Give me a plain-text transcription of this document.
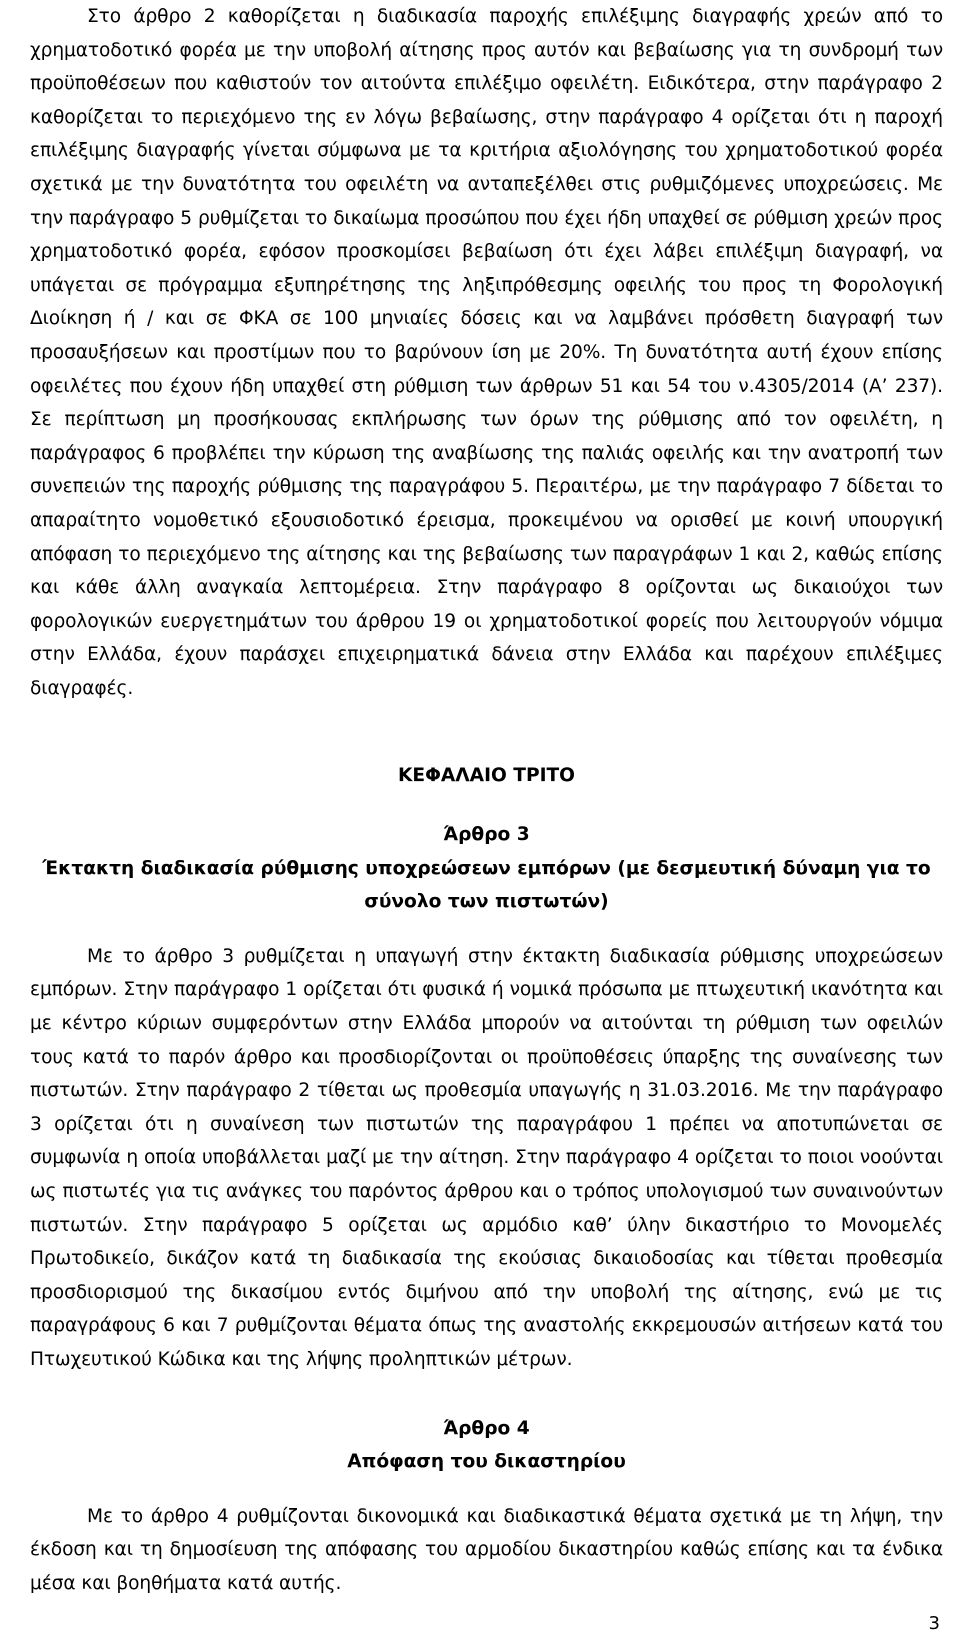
Στο άρθρο 2 καθορίζεται η διαδικασία παροχής επιλέξιμης διαγραφής χρεών από το χρηματοδοτικό φορέα με την υποβολή αίτησης προς αυτόν και βεβαίωσης για τη συνδρομή των προϋποθέσεων που καθιστούν τον αιτούντα επιλέξιμο οφειλέτη. Ειδικότερα, στην παράγραφο 2 καθορίζεται το περιεχόμενο της εν λόγω βεβαίωσης, στην παράγραφο 4 ορίζεται ότι η παροχή επιλέξιμης διαγραφής γίνεται σύμφωνα με τα κριτήρια αξιολόγησης του χρηματοδοτικού φορέα σχετικά με την δυνατότητα του οφειλέτη να ανταπεξέλθει στις ρυθμιζόμενες υποχρεώσεις. Με την παράγραφο 5 ρυθμίζεται το δικαίωμα προσώπου που έχει ήδη υπαχθεί σε ρύθμιση χρεών προς χρηματοδοτικό φορέα, εφόσον προσκομίσει βεβαίωση ότι έχει λάβει επιλέξιμη διαγραφή, να υπάγεται σε πρόγραμμα εξυπηρέτησης της ληξιπρόθεσμης οφειλής του προς τη Φορολογική Διοίκηση ή / και σε ΦΚΑ σε 100 μηνιαίες δόσεις και να λαμβάνει πρόσθετη διαγραφή των προσαυξήσεων και προστίμων που το βαρύνουν ίση με 20%. Τη δυνατότητα αυτή έχουν επίσης οφειλέτες που έχουν ήδη υπαχθεί στη ρύθμιση των άρθρων 51 και 54 του ν.4305/2014 (Α’ 237). Σε περίπτωση μη προσήκουσας εκπλήρωσης των όρων της ρύθμισης από τον οφειλέτη, η παράγραφος 6 προβλέπει την κύρωση της αναβίωσης της παλιάς οφειλής και την ανατροπή των συνεπειών της παροχής ρύθμισης της παραγράφου 5. Περαιτέρω, με την παράγραφο 7 δίδεται το απαραίτητο νομοθετικό εξουσιοδοτικό έρεισμα, προκειμένου να ορισθεί με κοινή υπουργική απόφαση το περιεχόμενο της αίτησης και της βεβαίωσης των παραγράφων 1 και 2, καθώς επίσης και κάθε άλλη αναγκαία λεπτομέρεια. Στην παράγραφο 8 ορίζονται ως δικαιούχοι των φορολογικών ευεργετημάτων του άρθρου 19 οι χρηματοδοτικοί φορείς που λειτουργούν νόμιμα στην Ελλάδα, έχουν παράσχει επιχειρηματικά δάνεια στην Ελλάδα και παρέχουν επιλέξιμες διαγραφές.

ΚΕΦΑΛΑΙΟ ΤΡΙΤΟ

Άρθρο 3

Έκτακτη διαδικασία ρύθμισης υποχρεώσεων εμπόρων (με δεσμευτική δύναμη για το σύνολο των πιστωτών)

Με το άρθρο 3 ρυθμίζεται η υπαγωγή στην έκτακτη διαδικασία ρύθμισης υποχρεώσεων εμπόρων. Στην παράγραφο 1 ορίζεται ότι φυσικά ή νομικά πρόσωπα με πτωχευτική ικανότητα και με κέντρο κύριων συμφερόντων στην Ελλάδα μπορούν να αιτούνται τη ρύθμιση των οφειλών τους κατά το παρόν άρθρο και προσδιορίζονται οι προϋποθέσεις ύπαρξης της συναίνεσης των πιστωτών. Στην παράγραφο 2 τίθεται ως προθεσμία υπαγωγής η 31.03.2016. Με την παράγραφο 3 ορίζεται ότι η συναίνεση των πιστωτών της παραγράφου 1 πρέπει να αποτυπώνεται σε συμφωνία η οποία υποβάλλεται μαζί με την αίτηση. Στην παράγραφο 4 ορίζεται το ποιοι νοούνται ως πιστωτές για τις ανάγκες του παρόντος άρθρου και ο τρόπος υπολογισμού των συναινούντων πιστωτών. Στην παράγραφο 5 ορίζεται ως αρμόδιο καθ’ ύλην δικαστήριο το Μονομελές Πρωτοδικείο, δικάζον κατά τη διαδικασία της εκούσιας δικαιοδοσίας και τίθεται προθεσμία προσδιορισμού της δικασίμου εντός διμήνου από την υποβολή της αίτησης, ενώ με τις παραγράφους 6 και 7 ρυθμίζονται θέματα όπως της αναστολής εκκρεμουσών αιτήσεων κατά του Πτωχευτικού Κώδικα και της λήψης προληπτικών μέτρων.

Άρθρο 4

Απόφαση του δικαστηρίου

Με το άρθρο 4 ρυθμίζονται δικονομικά και διαδικαστικά θέματα σχετικά με τη λήψη, την έκδοση και τη δημοσίευση της απόφασης του αρμοδίου δικαστηρίου καθώς επίσης και τα ένδικα μέσα και βοηθήματα κατά αυτής.

3
